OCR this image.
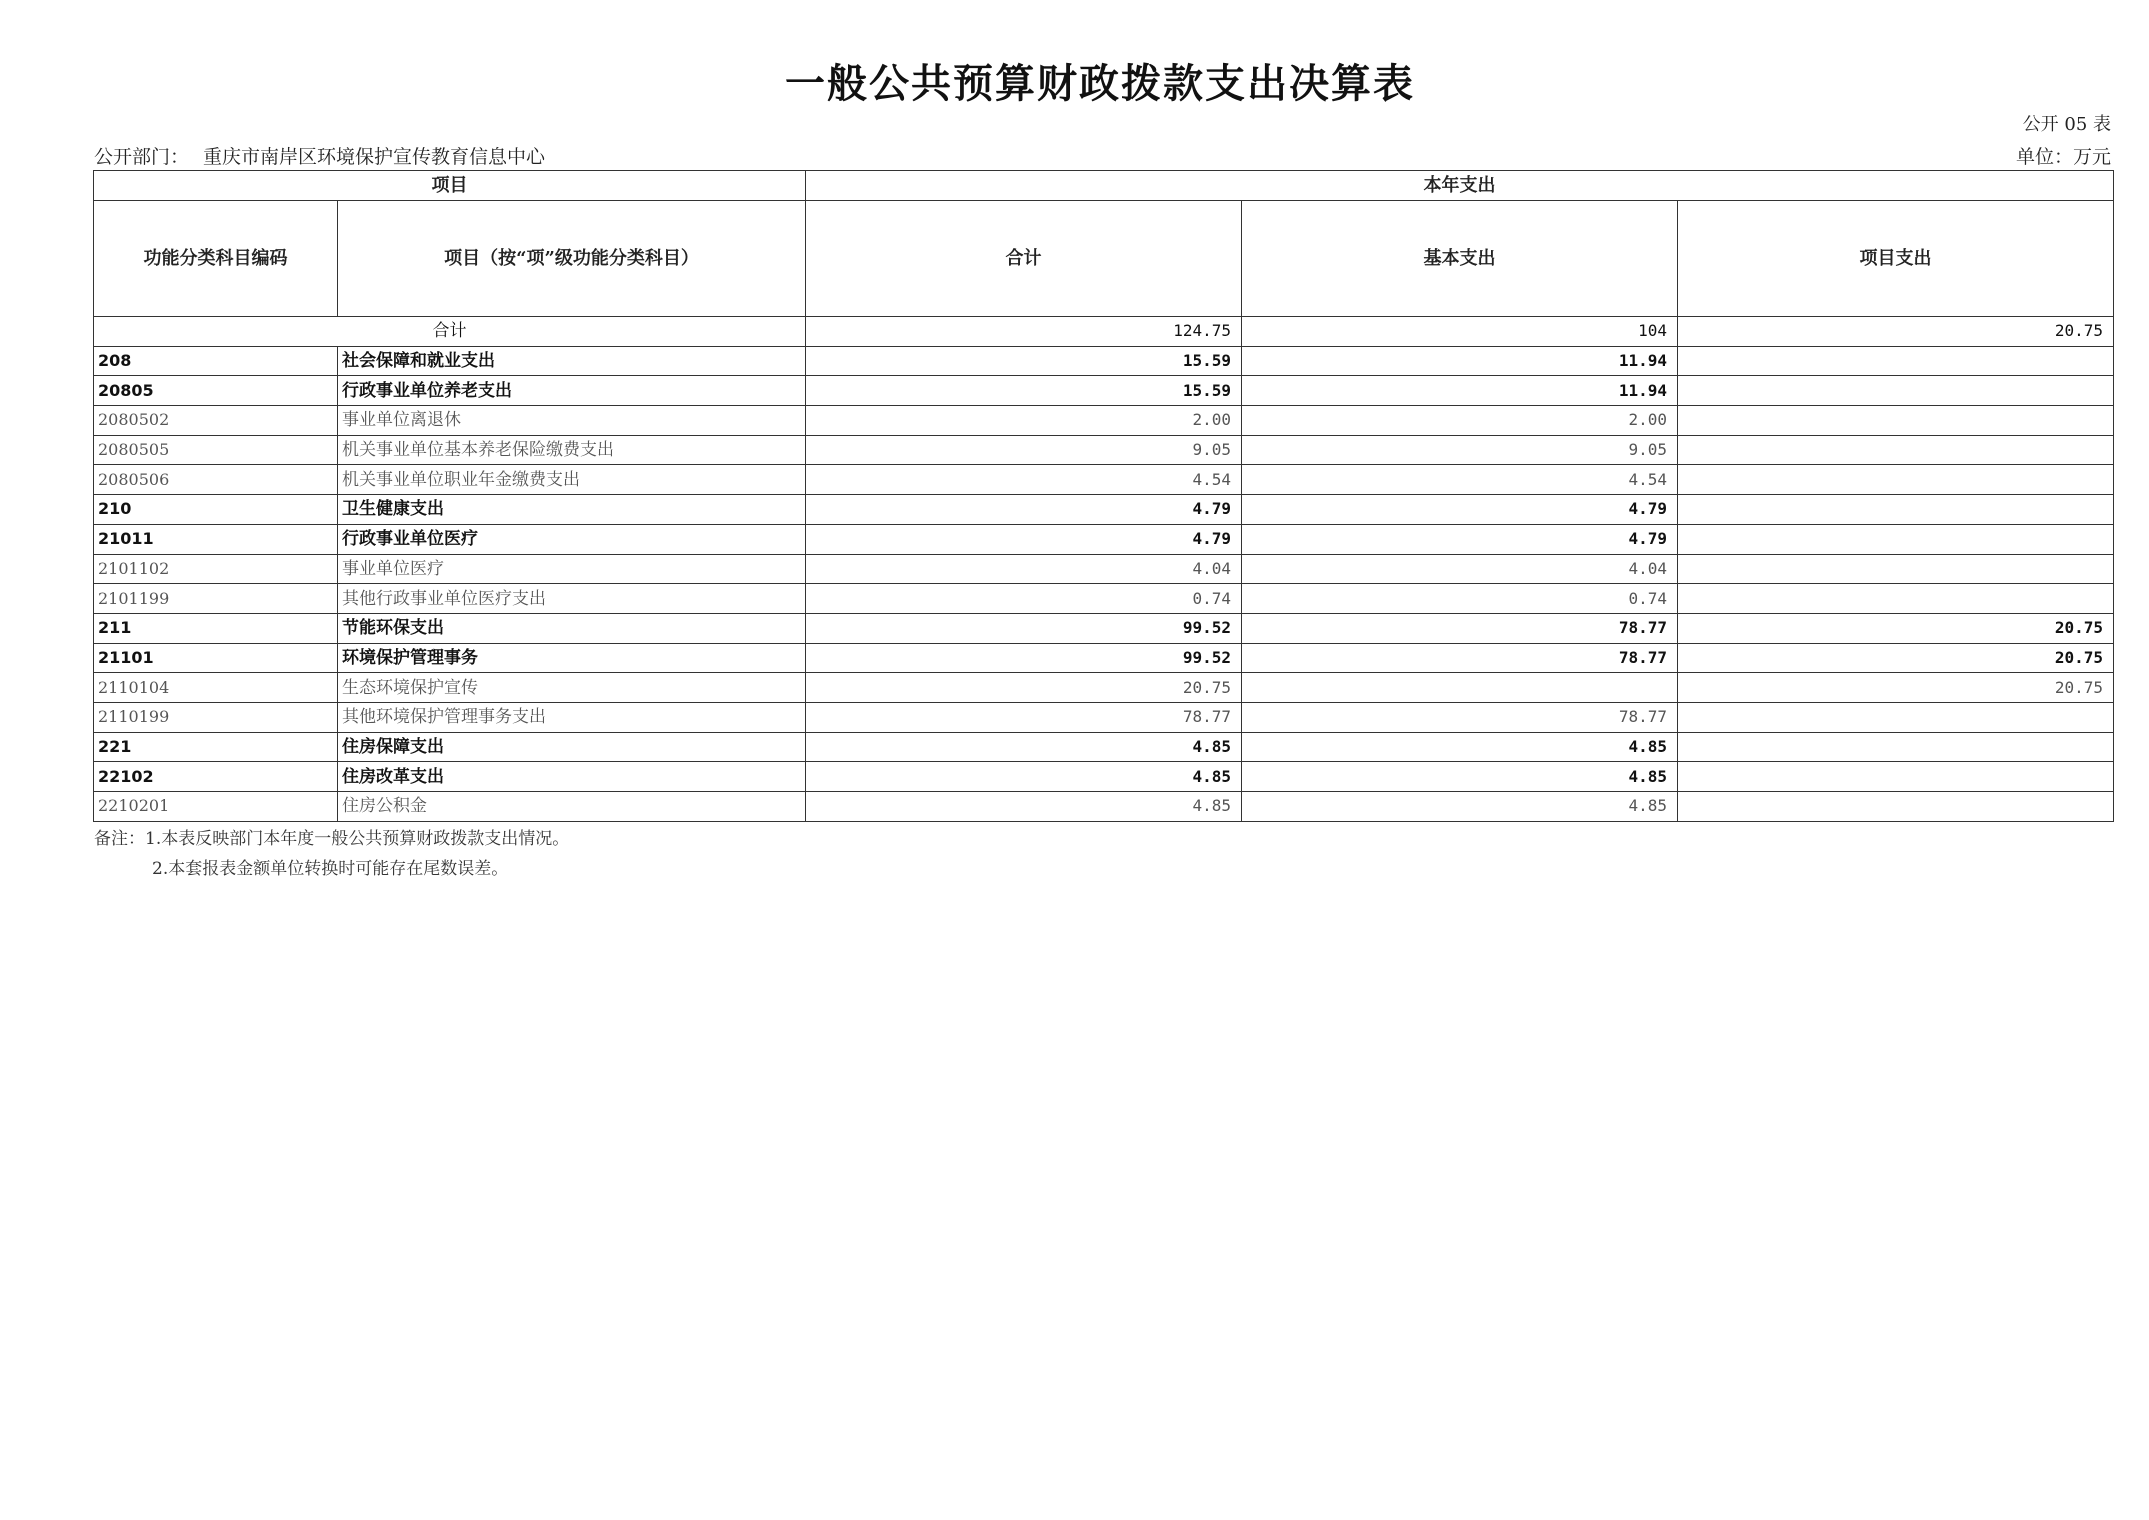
一般公共预算财政拨款支出决算表
公开 05 表
公开部门： 重庆市南岸区环境保护宣传教育信息中心	单位：万元
项目		本年支出		
功能分类科目编码	项目（按“项”级功能分类科目）	合计	基本支出	项目支出
合计		124.75	104	20.75
208	社会保障和就业支出	15.59	11.94	
20805	行政事业单位养老支出	15.59	11.94	
2080502	事业单位离退休	2.00	2.00	
2080505	机关事业单位基本养老保险缴费支出	9.05	9.05	
2080506	机关事业单位职业年金缴费支出	4.54	4.54	
210	卫生健康支出	4.79	4.79	
21011	行政事业单位医疗	4.79	4.79	
2101102	事业单位医疗	4.04	4.04	
2101199	其他行政事业单位医疗支出	0.74	0.74	
211	节能环保支出	99.52	78.77	20.75
21101	环境保护管理事务	99.52	78.77	20.75
2110104	生态环境保护宣传	20.75		20.75
2110199	其他环境保护管理事务支出	78.77	78.77	
221	住房保障支出	4.85	4.85	
22102	住房改革支出	4.85	4.85	
2210201	住房公积金	4.85	4.85	
备注：1.本表反映部门本年度一般公共预算财政拨款支出情况。
2.本套报表金额单位转换时可能存在尾数误差。
